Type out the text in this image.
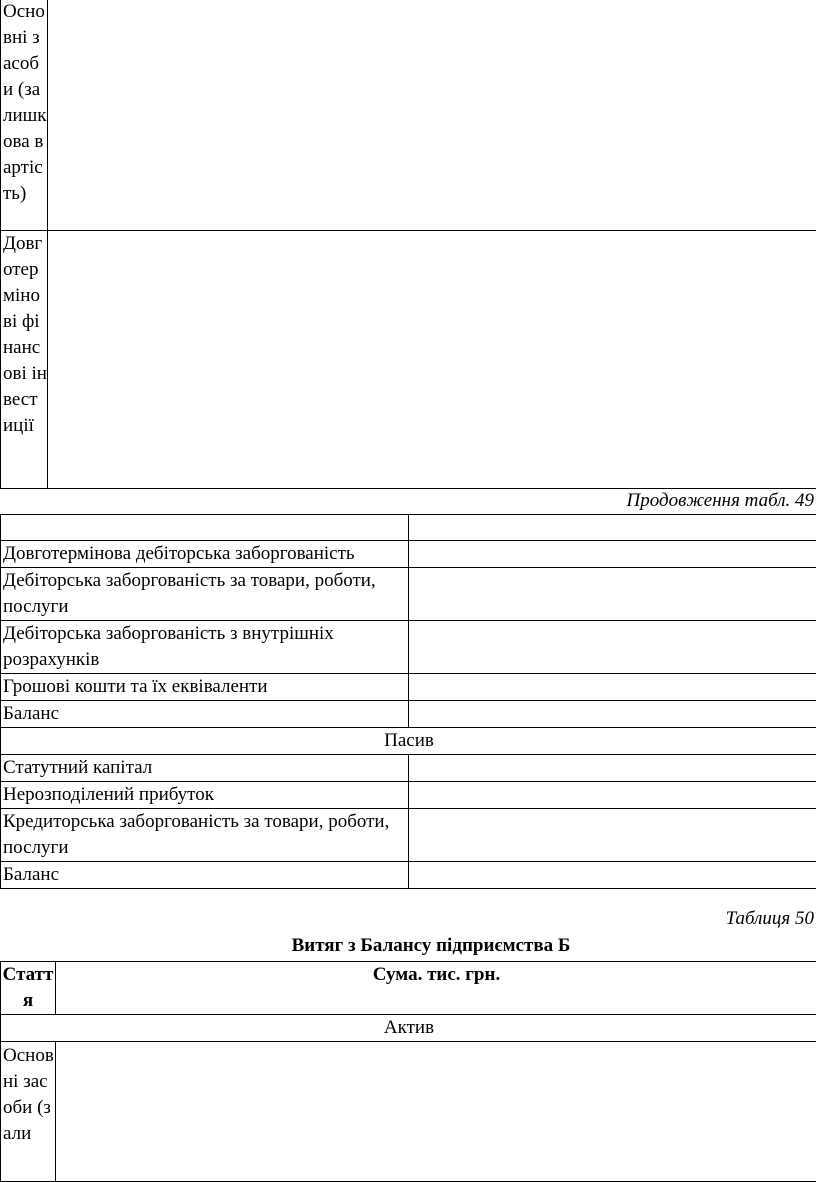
Основні засоби (залишкова вартість)	
Довготермінові фінансові інвестиції	
Продовження табл. 49

Довготермінова дебіторська заборгованість	
Дебіторська заборгованість за товари, роботи, послуги	
Дебіторська заборгованість з внутрішніх розрахунків	
Грошові кошти та їх еквіваленти	
Баланс	
Пасив	
Статутний капітал	
Нерозподілений прибуток	
Кредиторська заборгованість за товари, роботи, послуги	
Баланс	
Таблиця 50
Витяг з Балансу підприємства Б
Стаття	Сума. тис. грн.
Актив	
Основні засоби (зали	
